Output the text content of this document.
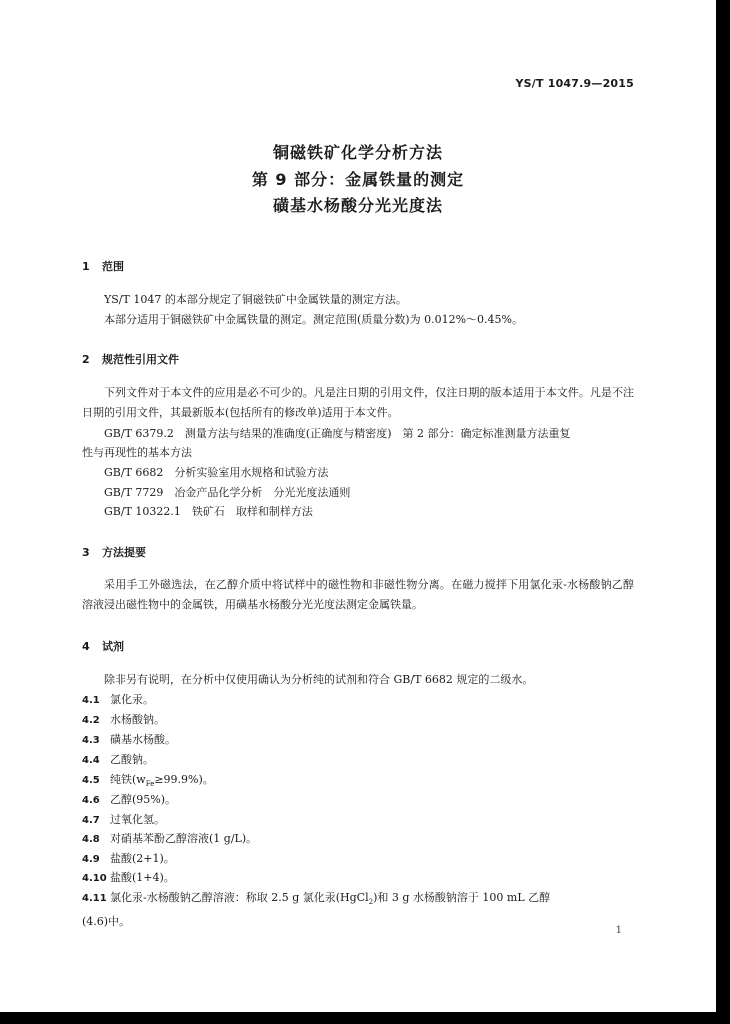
YS/T 1047.9—2015
铜磁铁矿化学分析方法
第 9 部分：金属铁量的测定
磺基水杨酸分光光度法
1 范围
YS/T 1047 的本部分规定了铜磁铁矿中金属铁量的测定方法。
本部分适用于铜磁铁矿中金属铁量的测定。测定范围(质量分数)为 0.012%～0.45%。
2 规范性引用文件
下列文件对于本文件的应用是必不可少的。凡是注日期的引用文件，仅注日期的版本适用于本文件。凡是不注日期的引用文件，其最新版本(包括所有的修改单)适用于本文件。
GB/T 6379.2　测量方法与结果的准确度(正确度与精密度)　第 2 部分：确定标准测量方法重复
性与再现性的基本方法
GB/T 6682　分析实验室用水规格和试验方法
GB/T 7729　冶金产品化学分析　分光光度法通则
GB/T 10322.1　铁矿石　取样和制样方法
3 方法提要
采用手工外磁选法，在乙醇介质中将试样中的磁性物和非磁性物分离。在磁力搅拌下用氯化汞-水杨酸钠乙醇溶液浸出磁性物中的金属铁，用磺基水杨酸分光光度法测定金属铁量。
4 试剂
除非另有说明，在分析中仅使用确认为分析纯的试剂和符合 GB/T 6682 规定的二级水。
4.1 氯化汞。
4.2 水杨酸钠。
4.3 磺基水杨酸。
4.4 乙酸钠。
4.5 纯铁$(w_{Fe}\ge 99.9\%)$。
4.6 乙醇(95%)。
4.7 过氧化氢。
4.8 对硝基苯酚乙醇溶液(1 g/L)。
4.9 盐酸(2+1)。
4.10 盐酸(1+4)。
4.11 氯化汞-水杨酸钠乙醇溶液：称取 2.5 g 氯化汞(HgCl$_2$)和 3 g 水杨酸钠溶于 100 mL 乙醇
(4.6)中。
1
